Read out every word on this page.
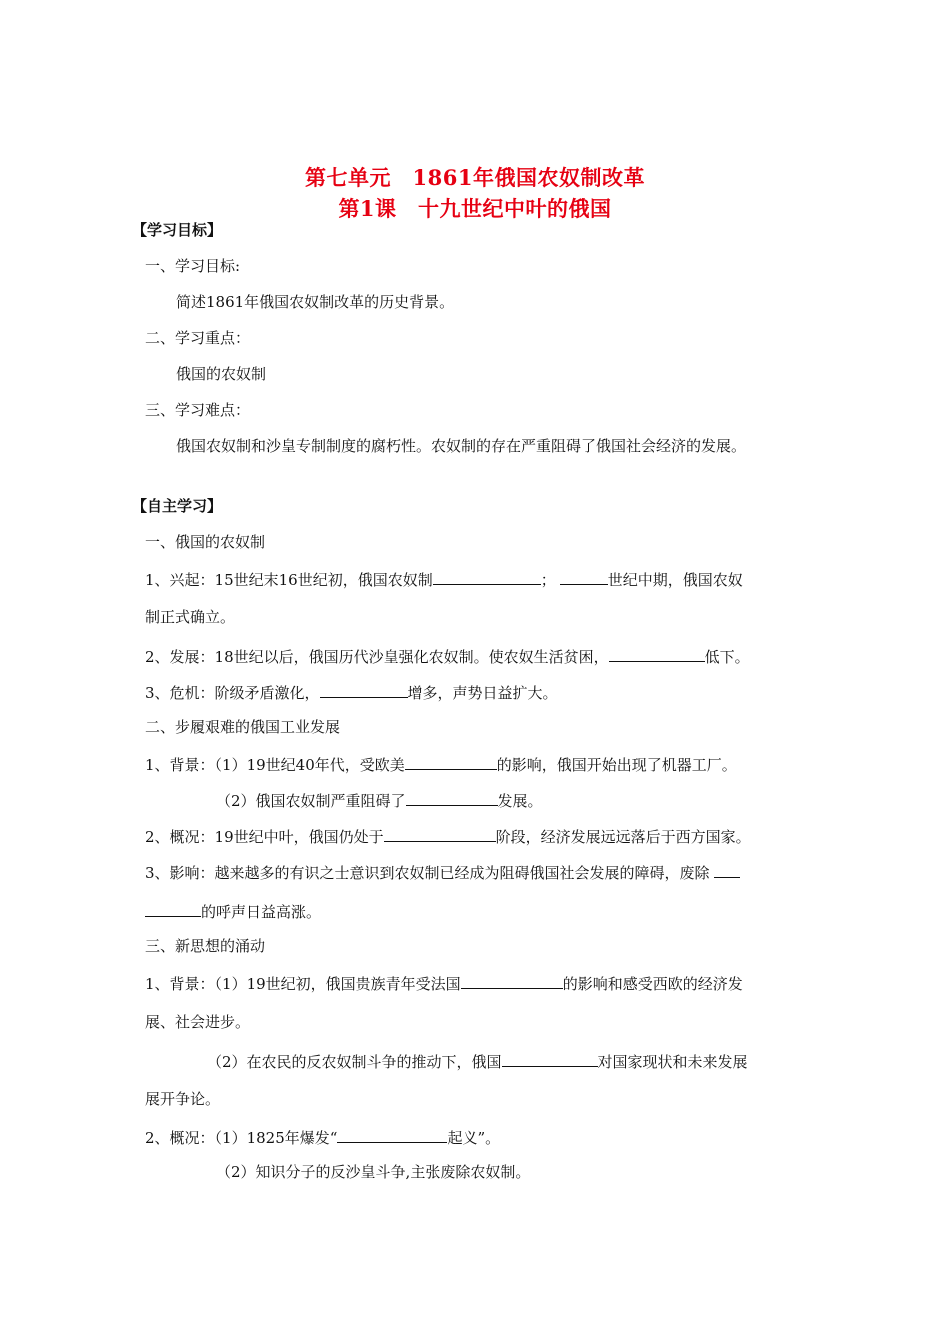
第七单元　1861年俄国农奴制改革
第1课　十九世纪中叶的俄国
【学习目标】
一、学习目标:
简述1861年俄国农奴制改革的历史背景。
二、学习重点：
俄国的农奴制
三、学习难点：
俄国农奴制和沙皇专制制度的腐朽性。农奴制的存在严重阻碍了俄国社会经济的发展。
【自主学习】
一、俄国的农奴制
1、兴起：15世纪末16世纪初，俄国农奴制	；	世纪中期，俄国农奴
制正式确立。
2、发展：18世纪以后，俄国历代沙皇强化农奴制。使农奴生活贫困，	低下。
3、危机：阶级矛盾激化，	增多，声势日益扩大。
二、步履艰难的俄国工业发展
1、背景：（1）19世纪40年代，受欧美	的影响，俄国开始出现了机器工厂。
（2）俄国农奴制严重阻碍了	发展。
2、概况：19世纪中叶，俄国仍处于	阶段，经济发展远远落后于西方国家。
3、影响：越来越多的有识之士意识到农奴制已经成为阻碍俄国社会发展的障碍，废除
的呼声日益高涨。
三、新思想的涌动
1、背景：（1）19世纪初，俄国贵族青年受法国	的影响和感受西欧的经济发
展、社会进步。
（2）在农民的反农奴制斗争的推动下，俄国	对国家现状和未来发展
展开争论。
2、概况：（1）1825年爆发“	起义”。
（2）知识分子的反沙皇斗争,主张废除农奴制。
